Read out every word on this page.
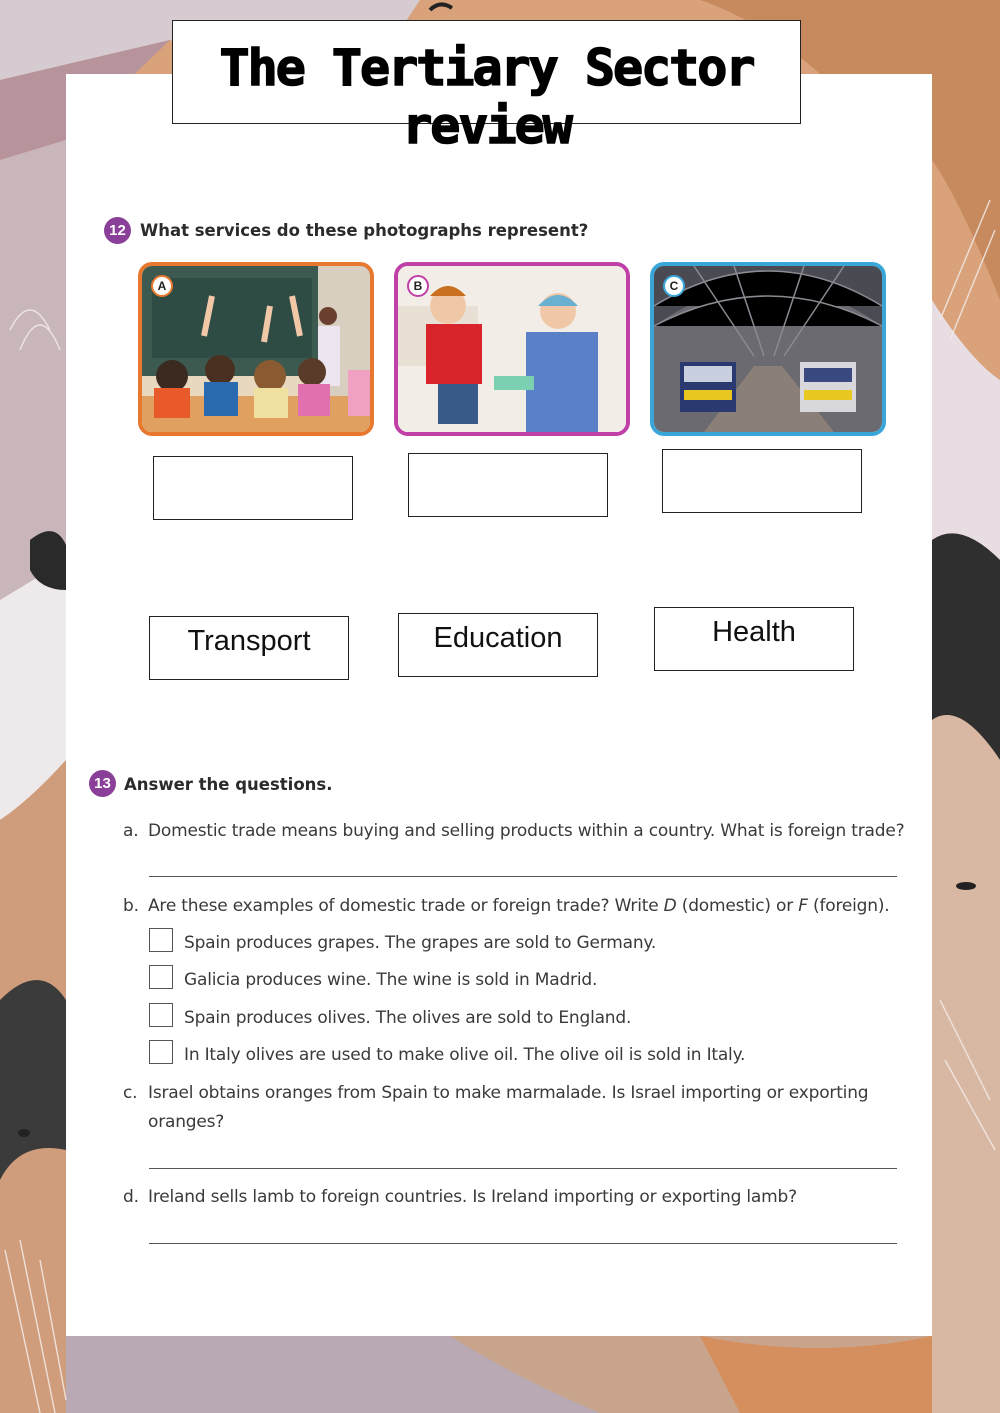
The Tertiary Sector review
12 What services do these photographs represent?
A	B	C
Transport	Education	Health
13 Answer the questions.
a. Domestic trade means buying and selling products within a country. What is foreign trade?
b. Are these examples of domestic trade or foreign trade? Write D (domestic) or F (foreign).
Spain produces grapes. The grapes are sold to Germany.
Galicia produces wine. The wine is sold in Madrid.
Spain produces olives. The olives are sold to England.
In Italy olives are used to make olive oil. The olive oil is sold in Italy.
c. Israel obtains oranges from Spain to make marmalade. Is Israel importing or exporting
oranges?
d. Ireland sells lamb to foreign countries. Is Ireland importing or exporting lamb?
